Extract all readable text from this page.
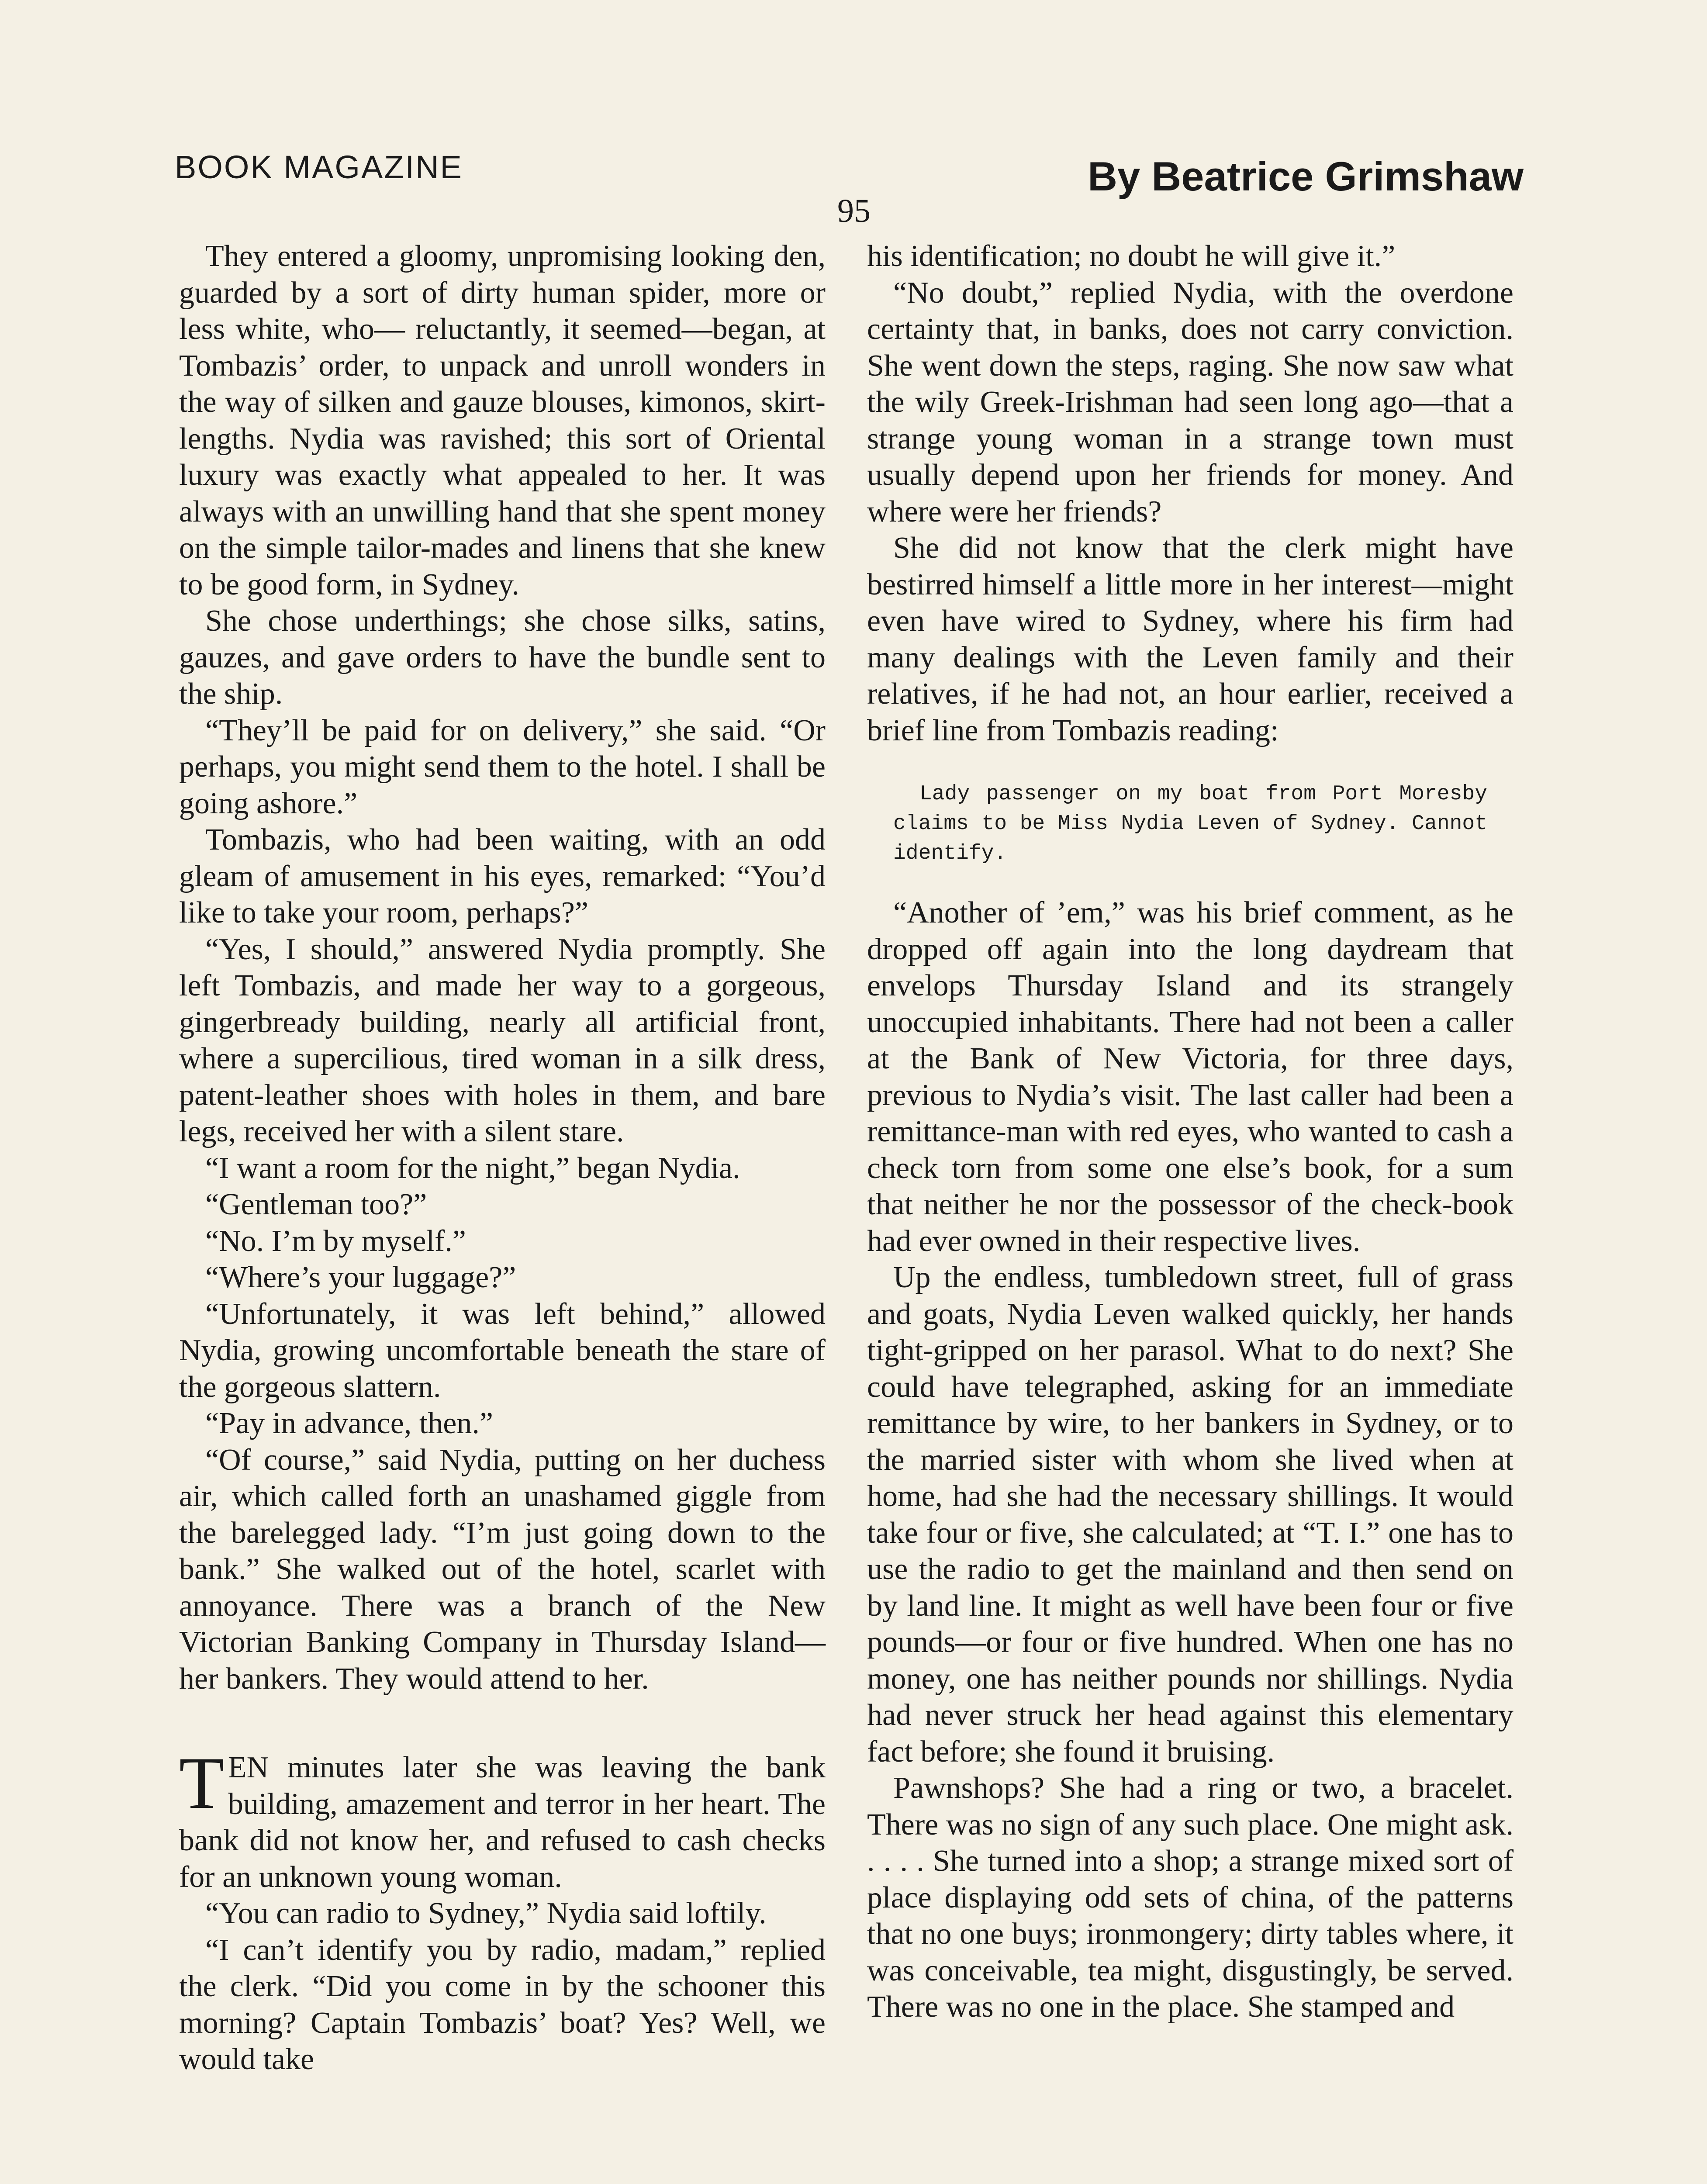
BOOK MAGAZINE	By Beatrice Grimshaw
95

They entered a gloomy, unpromising looking den, guarded by a sort of dirty human spider, more or less white, who— reluctantly, it seemed—began, at Tombazis’ order, to unpack and unroll wonders in the way of silken and gauze blouses, kimonos, skirt-lengths. Nydia was ravished; this sort of Oriental luxury was exactly what appealed to her. It was always with an unwilling hand that she spent money on the simple tailor-mades and linens that she knew to be good form, in Sydney.

She chose underthings; she chose silks, satins, gauzes, and gave orders to have the bundle sent to the ship.

“They’ll be paid for on delivery,” she said. “Or perhaps, you might send them to the hotel. I shall be going ashore.”

Tombazis, who had been waiting, with an odd gleam of amusement in his eyes, remarked: “You’d like to take your room, perhaps?”

“Yes, I should,” answered Nydia promptly. She left Tombazis, and made her way to a gorgeous, gingerbready building, nearly all artificial front, where a supercilious, tired woman in a silk dress, patent-leather shoes with holes in them, and bare legs, received her with a silent stare.

“I want a room for the night,” began Nydia.

“Gentleman too?”

“No. I’m by myself.”

“Where’s your luggage?”

“Unfortunately, it was left behind,” allowed Nydia, growing uncomfortable beneath the stare of the gorgeous slattern.

“Pay in advance, then.”

“Of course,” said Nydia, putting on her duchess air, which called forth an unashamed giggle from the barelegged lady. “I’m just going down to the bank.” She walked out of the hotel, scarlet with annoyance. There was a branch of the New Victorian Banking Company in Thursday Island—her bankers. They would attend to her.

TEN minutes later she was leaving the bank building, amazement and terror in her heart. The bank did not know her, and refused to cash checks for an unknown young woman.

“You can radio to Sydney,” Nydia said loftily.

“I can’t identify you by radio, madam,” replied the clerk. “Did you come in by the schooner this morning? Captain Tombazis’ boat? Yes? Well, we would take

his identification; no doubt he will give it.”

“No doubt,” replied Nydia, with the overdone certainty that, in banks, does not carry conviction. She went down the steps, raging. She now saw what the wily Greek-Irishman had seen long ago—that a strange young woman in a strange town must usually depend upon her friends for money. And where were her friends?

She did not know that the clerk might have bestirred himself a little more in her interest—might even have wired to Sydney, where his firm had many dealings with the Leven family and their relatives, if he had not, an hour earlier, received a brief line from Tombazis reading:

Lady passenger on my boat from Port Moresby claims to be Miss Nydia Leven of Sydney. Cannot identify.

“Another of ’em,” was his brief comment, as he dropped off again into the long daydream that envelops Thursday Island and its strangely unoccupied inhabitants. There had not been a caller at the Bank of New Victoria, for three days, previous to Nydia’s visit. The last caller had been a remittance-man with red eyes, who wanted to cash a check torn from some one else’s book, for a sum that neither he nor the possessor of the check-book had ever owned in their respective lives.

Up the endless, tumbledown street, full of grass and goats, Nydia Leven walked quickly, her hands tight-gripped on her parasol. What to do next? She could have telegraphed, asking for an immediate remittance by wire, to her bankers in Sydney, or to the married sister with whom she lived when at home, had she had the necessary shillings. It would take four or five, she calculated; at “T. I.” one has to use the radio to get the mainland and then send on by land line. It might as well have been four or five pounds—or four or five hundred. When one has no money, one has neither pounds nor shillings. Nydia had never struck her head against this elementary fact before; she found it bruising.

Pawnshops? She had a ring or two, a bracelet. There was no sign of any such place. One might ask. . . . . She turned into a shop; a strange mixed sort of place displaying odd sets of china, of the patterns that no one buys; ironmongery; dirty tables where, it was conceivable, tea might, disgustingly, be served. There was no one in the place. She stamped and
